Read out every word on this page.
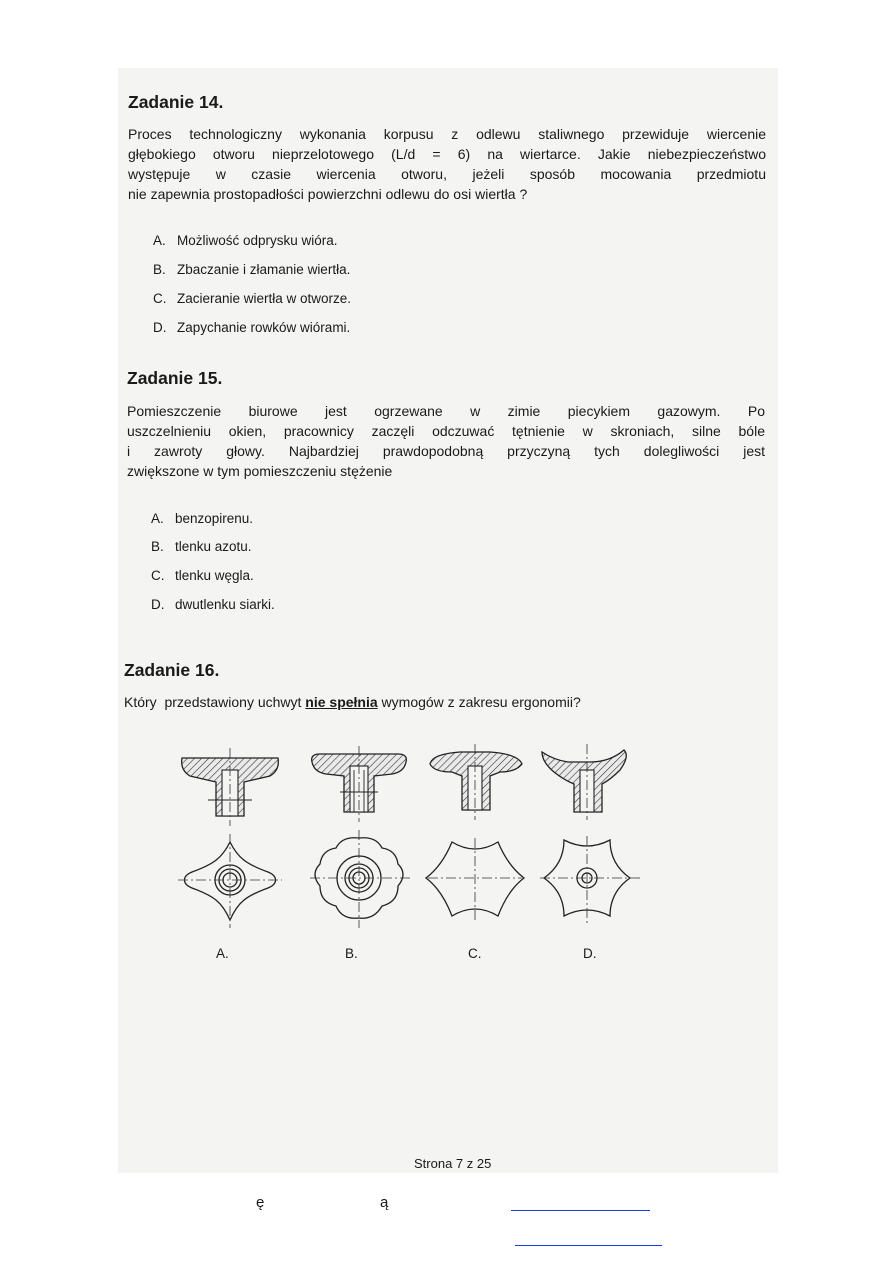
Zadanie 14.
Proces technologiczny wykonania korpusu z odlewu staliwnego przewiduje wiercenie
głębokiego otworu nieprzelotowego (L/d = 6) na wiertarce. Jakie niebezpieczeństwo
występuje w czasie wiercenia otworu, jeżeli sposób mocowania przedmiotu
nie zapewnia prostopadłości powierzchni odlewu do osi wiertła ?
A. Możliwość odprysku wióra.
B. Zbaczanie i złamanie wiertła.
C. Zacieranie wiertła w otworze.
D. Zapychanie rowków wiórami.
Zadanie 15.
Pomieszczenie biurowe jest ogrzewane w zimie piecykiem gazowym. Po
uszczelnieniu okien, pracownicy zaczęli odczuwać tętnienie w skroniach, silne bóle
i zawroty głowy. Najbardziej prawdopodobną przyczyną tych dolegliwości jest
zwiększone w tym pomieszczeniu stężenie
A. benzopirenu.
B. tlenku azotu.
C. tlenku węgla.
D. dwutlenku siarki.
Zadanie 16.
Który  przedstawiony uchwyt nie spełnia wymogów z zakresu ergonomii?
A.	B.	C.	D.
Strona 7 z 25
ę	ą
